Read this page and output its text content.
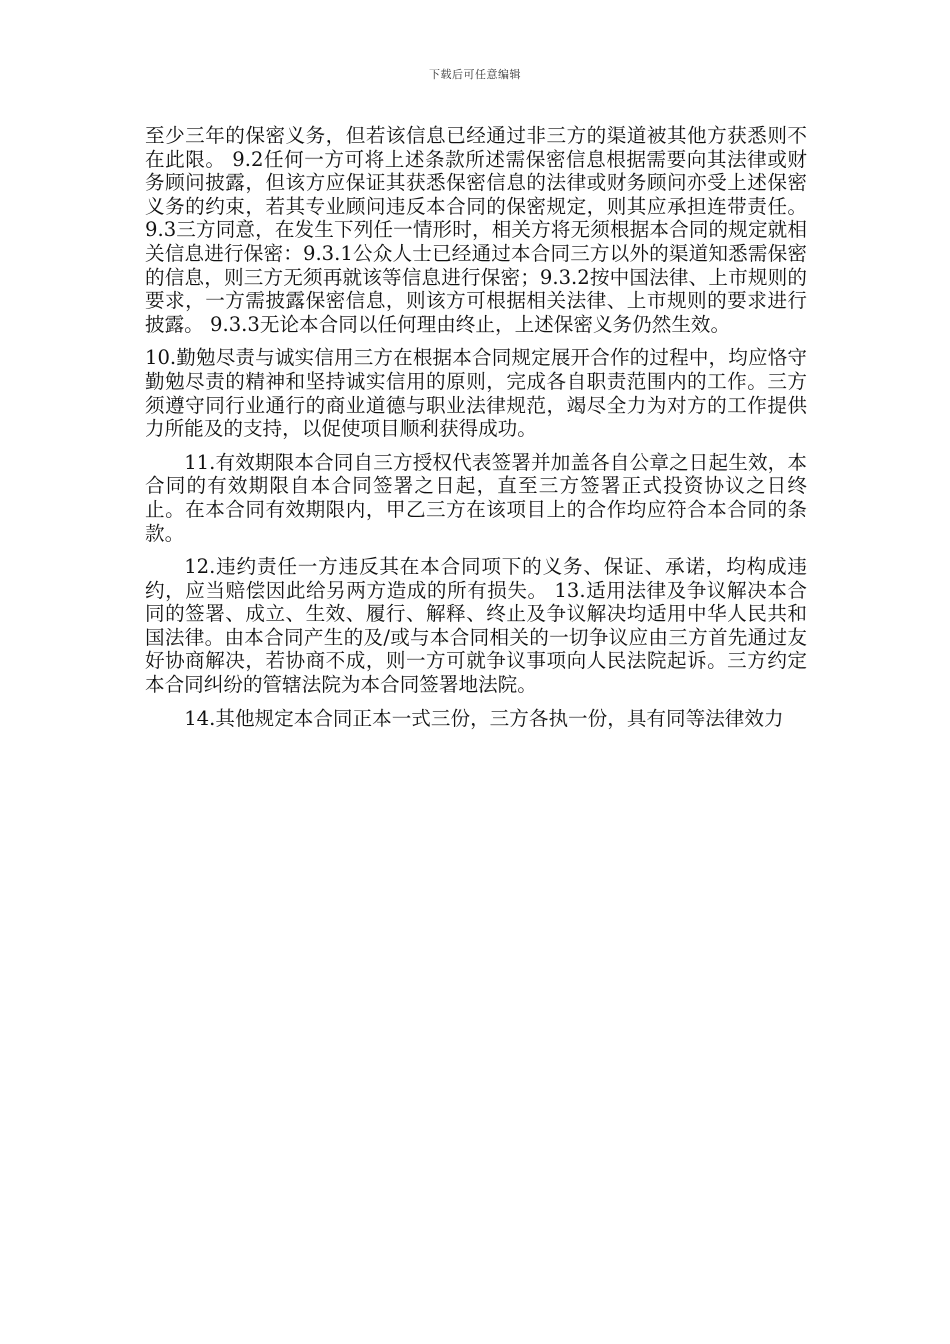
下载后可任意编辑

至少三年的保密义务，但若该信息已经通过非三方的渠道被其他方获悉则不在此限。 9.2任何一方可将上述条款所述需保密信息根据需要向其法律或财务顾问披露，但该方应保证其获悉保密信息的法律或财务顾问亦受上述保密义务的约束，若其专业顾问违反本合同的保密规定，则其应承担连带责任。 9.3三方同意，在发生下列任一情形时，相关方将无须根据本合同的规定就相关信息进行保密：9.3.1公众人士已经通过本合同三方以外的渠道知悉需保密的信息，则三方无须再就该等信息进行保密；9.3.2按中国法律、上市规则的要求，一方需披露保密信息，则该方可根据相关法律、上市规则的要求进行披露。 9.3.3无论本合同以任何理由终止，上述保密义务仍然生效。

10.勤勉尽责与诚实信用三方在根据本合同规定展开合作的过程中，均应恪守勤勉尽责的精神和坚持诚实信用的原则，完成各自职责范围内的工作。三方须遵守同行业通行的商业道德与职业法律规范，竭尽全力为对方的工作提供力所能及的支持，以促使项目顺利获得成功。

11.有效期限本合同自三方授权代表签署并加盖各自公章之日起生效，本合同的有效期限自本合同签署之日起，直至三方签署正式投资协议之日终止。在本合同有效期限内，甲乙三方在该项目上的合作均应符合本合同的条款。

12.违约责任一方违反其在本合同项下的义务、保证、承诺，均构成违约，应当赔偿因此给另两方造成的所有损失。 13.适用法律及争议解决本合同的签署、成立、生效、履行、解释、终止及争议解决均适用中华人民共和国法律。由本合同产生的及/或与本合同相关的一切争议应由三方首先通过友好协商解决，若协商不成，则一方可就争议事项向人民法院起诉。三方约定本合同纠纷的管辖法院为本合同签署地法院。

14.其他规定本合同正本一式三份，三方各执一份，具有同等法律效力
